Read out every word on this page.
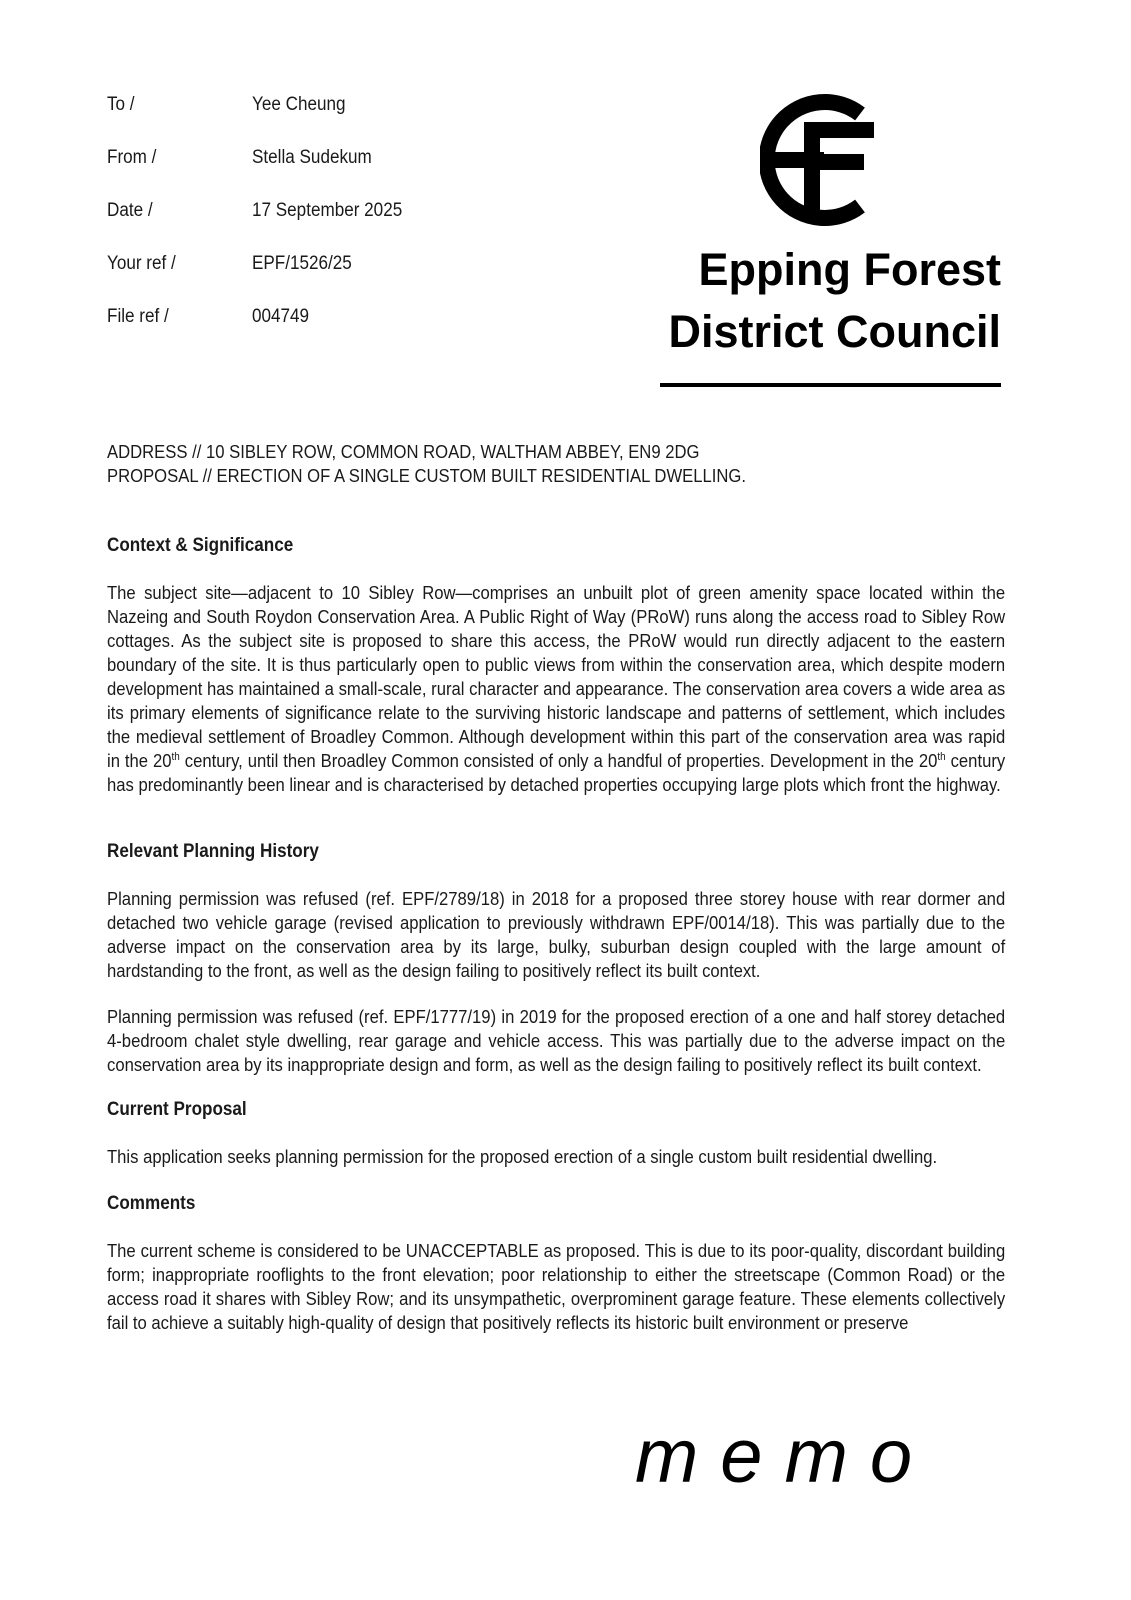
To /	Yee Cheung
From /	Stella Sudekum
Date /	17 September 2025
Your ref /	EPF/1526/25
File ref /	004749
Epping Forest
District Council
ADDRESS // 10 SIBLEY ROW, COMMON ROAD, WALTHAM ABBEY, EN9 2DG
PROPOSAL // ERECTION OF A SINGLE CUSTOM BUILT RESIDENTIAL DWELLING.
Context & Significance
The subject site—adjacent to 10 Sibley Row—comprises an unbuilt plot of green amenity space located within the Nazeing and South Roydon Conservation Area. A Public Right of Way (PRoW) runs along the access road to Sibley Row cottages. As the subject site is proposed to share this access, the PRoW would run directly adjacent to the eastern boundary of the site. It is thus particularly open to public views from within the conservation area, which despite modern development has maintained a small-scale, rural character and appearance. The conservation area covers a wide area as its primary elements of significance relate to the surviving historic landscape and patterns of settlement, which includes the medieval settlement of Broadley Common. Although development within this part of the conservation area was rapid in the 20th century, until then Broadley Common consisted of only a handful of properties. Development in the 20th century has predominantly been linear and is characterised by detached properties occupying large plots which front the highway.
Relevant Planning History
Planning permission was refused (ref. EPF/2789/18) in 2018 for a proposed three storey house with rear dormer and detached two vehicle garage (revised application to previously withdrawn EPF/0014/18). This was partially due to the adverse impact on the conservation area by its large, bulky, suburban design coupled with the large amount of hardstanding to the front, as well as the design failing to positively reflect its built context.
Planning permission was refused (ref. EPF/1777/19) in 2019 for the proposed erection of a one and half storey detached 4-bedroom chalet style dwelling, rear garage and vehicle access. This was partially due to the adverse impact on the conservation area by its inappropriate design and form, as well as the design failing to positively reflect its built context.
Current Proposal
This application seeks planning permission for the proposed erection of a single custom built residential dwelling.
Comments
The current scheme is considered to be UNACCEPTABLE as proposed. This is due to its poor-quality, discordant building form; inappropriate rooflights to the front elevation; poor relationship to either the streetscape (Common Road) or the access road it shares with Sibley Row; and its unsympathetic, overprominent garage feature. These elements collectively fail to achieve a suitably high-quality of design that positively reflects its historic built environment or preserve
memo
